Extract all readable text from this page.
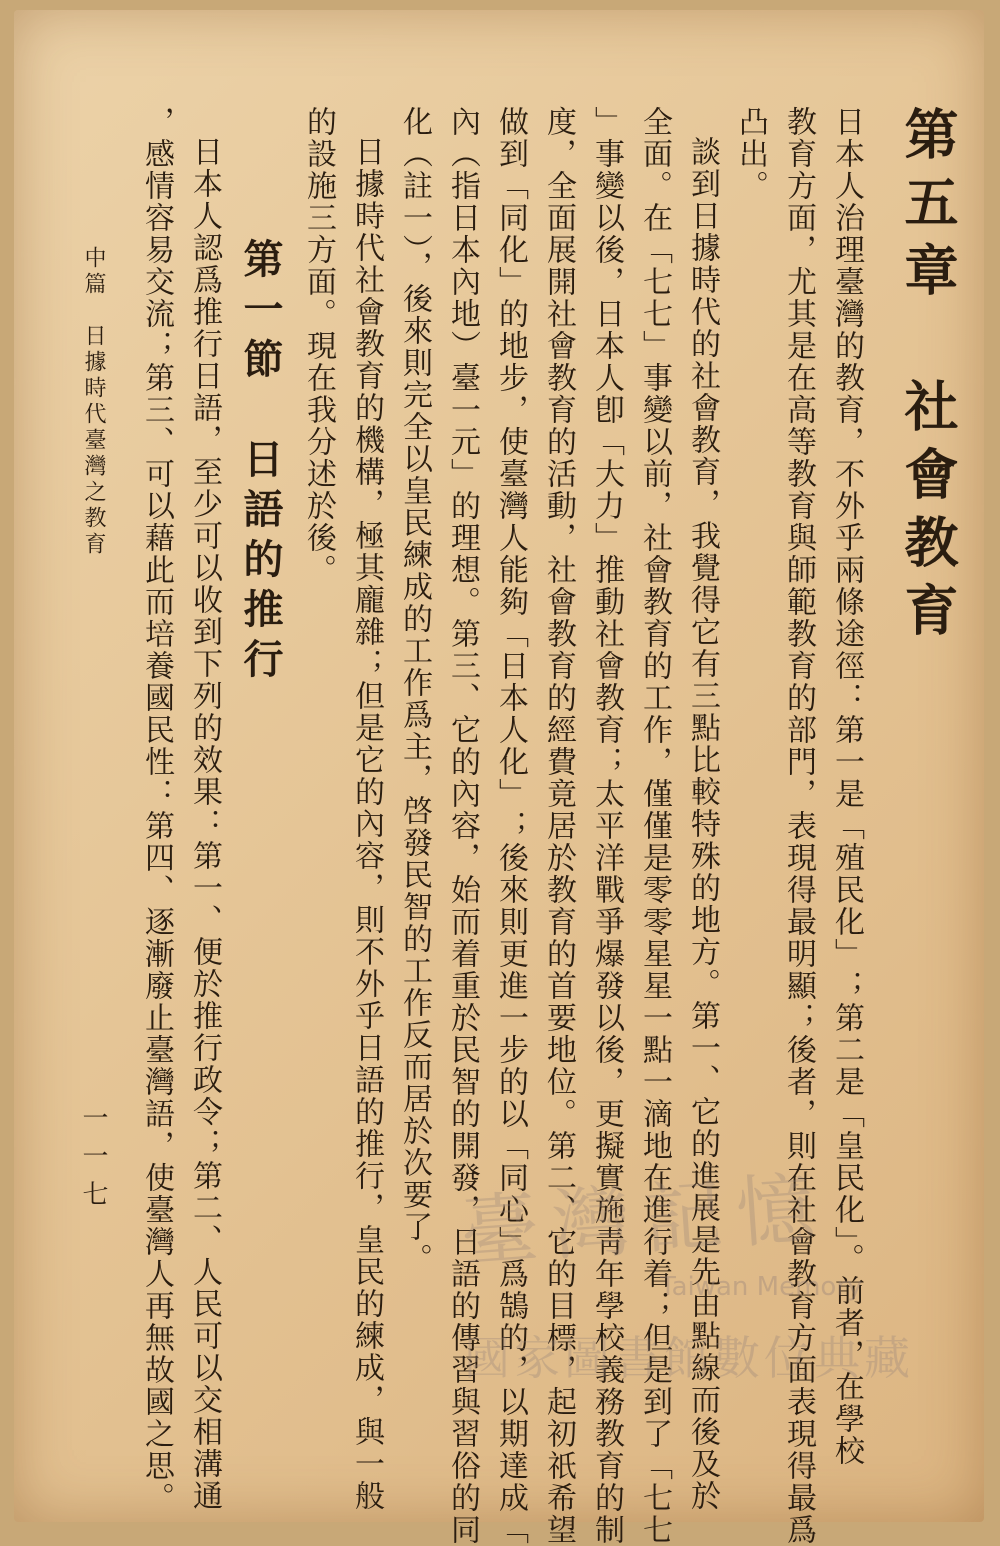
第五章　社會教育
日本人治理臺灣的教育，不外乎兩條途徑：第一是「殖民化」；第二是「皇民化」。前者，在學校
教育方面，尤其是在高等教育與師範教育的部門，表現得最明顯；後者，則在社會教育方面表現得最爲
凸出。
談到日據時代的社會教育，我覺得它有三點比較特殊的地方。第一、它的進展是先由點線而後及於
全面。在「七七」事變以前，社會教育的工作，僅僅是零零星星一點一滴地在進行着；但是到了「七七
」事變以後，日本人卽「大力」推動社會教育；太平洋戰爭爆發以後，更擬實施靑年學校義務教育的制
度，全面展開社會教育的活動，社會教育的經費竟居於教育的首要地位。第二、它的目標，起初祇希望
做到「同化」的地步，使臺灣人能夠「日本人化」；後來則更進一步的以「同心」爲鵠的，以期達成「
內（指日本內地）臺一元」的理想。第三、它的內容，始而着重於民智的開發，日語的傳習與習俗的同
化（註一），後來則完全以皇民練成的工作爲主，啓發民智的工作反而居於次要了。
日據時代社會教育的機構，極其龐雜；但是它的內容，則不外乎日語的推行，皇民的練成，與一般
的設施三方面。現在我分述於後。
第一節　日語的推行
日本人認爲推行日語，至少可以收到下列的效果：第一、便於推行政令；第二、人民可以交相溝通
，感情容易交流；第三、可以藉此而培養國民性：第四、逐漸廢止臺灣語，使臺灣人再無故國之思。
中篇　日據時代臺灣之教育
一一七
臺灣記憶
Taiwan Memory
國家圖書館數位典藏
